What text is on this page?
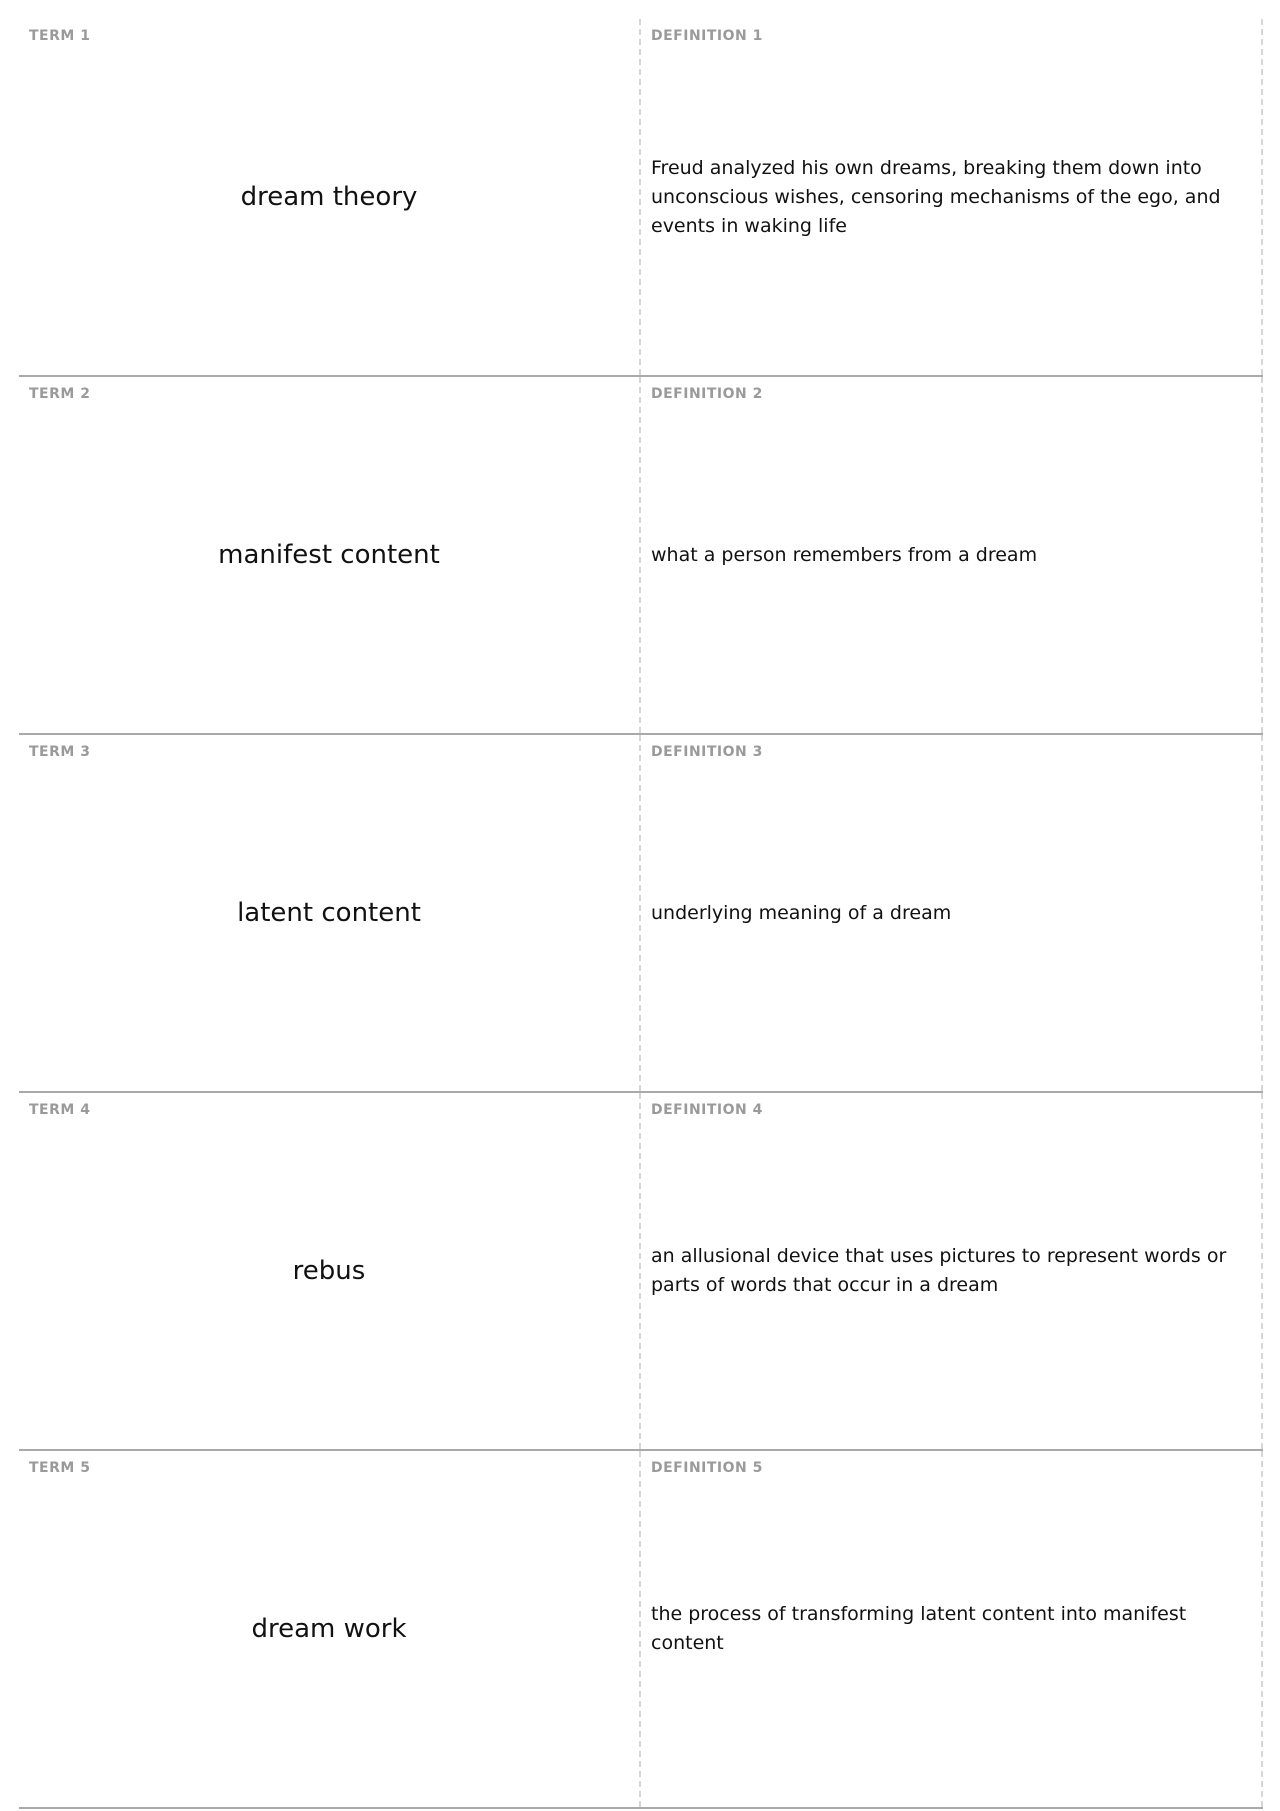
TERM 1
dream theory
DEFINITION 1
Freud analyzed his own dreams, breaking them down into unconscious wishes, censoring mechanisms of the ego, and events in waking life
TERM 2
manifest content
DEFINITION 2
what a person remembers from a dream
TERM 3
latent content
DEFINITION 3
underlying meaning of a dream
TERM 4
rebus
DEFINITION 4
an allusional device that uses pictures to represent words or parts of words that occur in a dream
TERM 5
dream work
DEFINITION 5
the process of transforming latent content into manifest content
